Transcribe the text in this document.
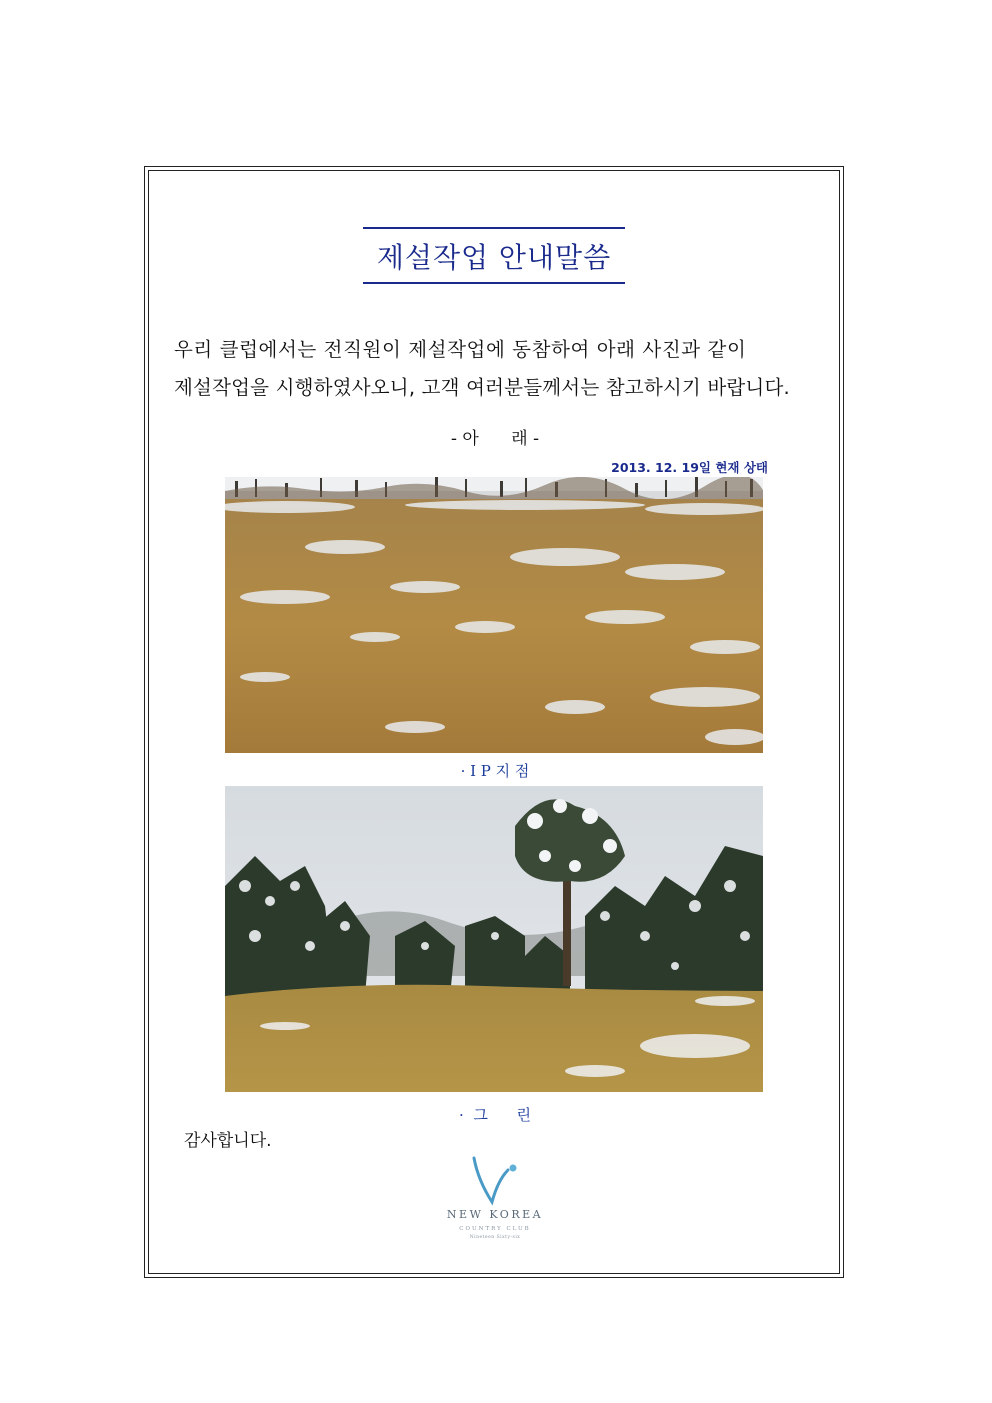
제설작업 안내말씀
우리 클럽에서는 전직원이 제설작업에 동참하여 아래 사진과 같이
제설작업을 시행하였사오니, 고객 여러분들께서는 참고하시기 바랍니다.
- 아      래 -
2013. 12. 19일 현재 상태
· I P 지 점
·  그      린
감사합니다.
NEW KOREA
COUNTRY CLUB
Nineteen Sixty-six
